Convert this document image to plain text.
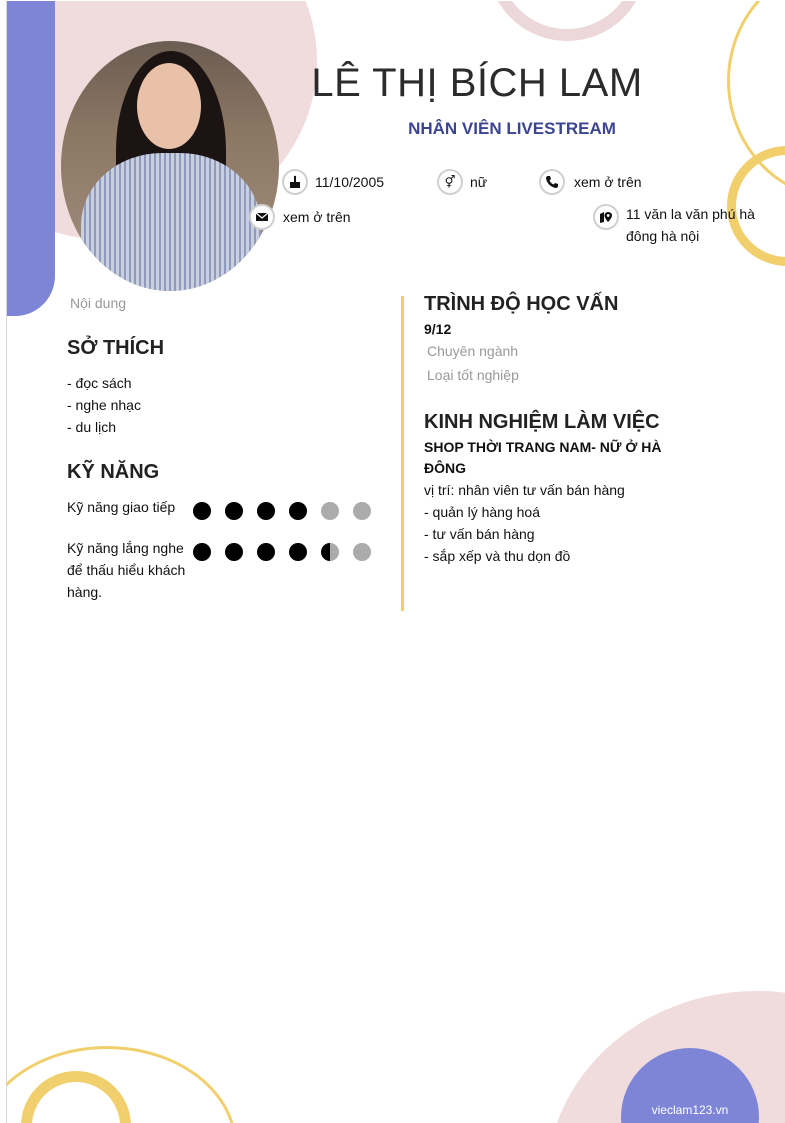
LÊ THỊ BÍCH LAM
NHÂN VIÊN LIVESTREAM
11/10/2005	⚥	nữ	xem ở trên
xem ở trên	11 văn la văn phú hà đông hà nội
Nội dung
SỞ THÍCH
- đọc sách
- nghe nhạc
- du lịch
KỸ NĂNG
Kỹ năng giao tiếp
Kỹ năng lắng nghe để thấu hiểu khách hàng.
TRÌNH ĐỘ HỌC VẤN
9/12
Chuyên ngành
Loại tốt nghiệp
KINH NGHIỆM LÀM VIỆC
SHOP THỜI TRANG NAM- NỮ Ở HÀ ĐÔNG
vị trí: nhân viên tư vấn bán hàng
- quản lý hàng hoá
- tư vấn bán hàng
- sắp xếp và thu dọn đồ
vieclam123.vn
